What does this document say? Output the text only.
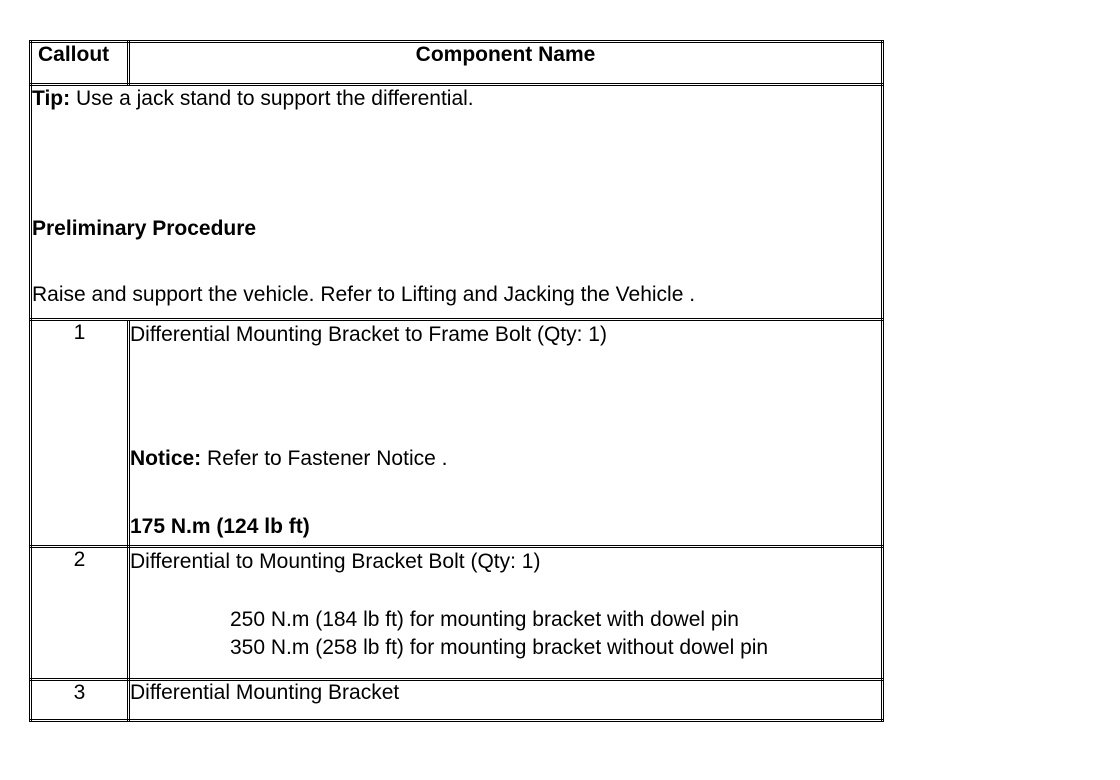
Callout	Component Name

Tip: Use a jack stand to support the differential.
Preliminary Procedure
Raise and support the vehicle. Refer to Lifting and Jacking the Vehicle .	

1	Differential Mounting Bracket to Frame Bolt (Qty: 1)
Notice: Refer to Fastener Notice .
175 N.m (124 lb ft)

2	Differential to Mounting Bracket Bolt (Qty: 1)
250 N.m (184 lb ft) for mounting bracket with dowel pin
350 N.m (258 lb ft) for mounting bracket without dowel pin

3	Differential Mounting Bracket
